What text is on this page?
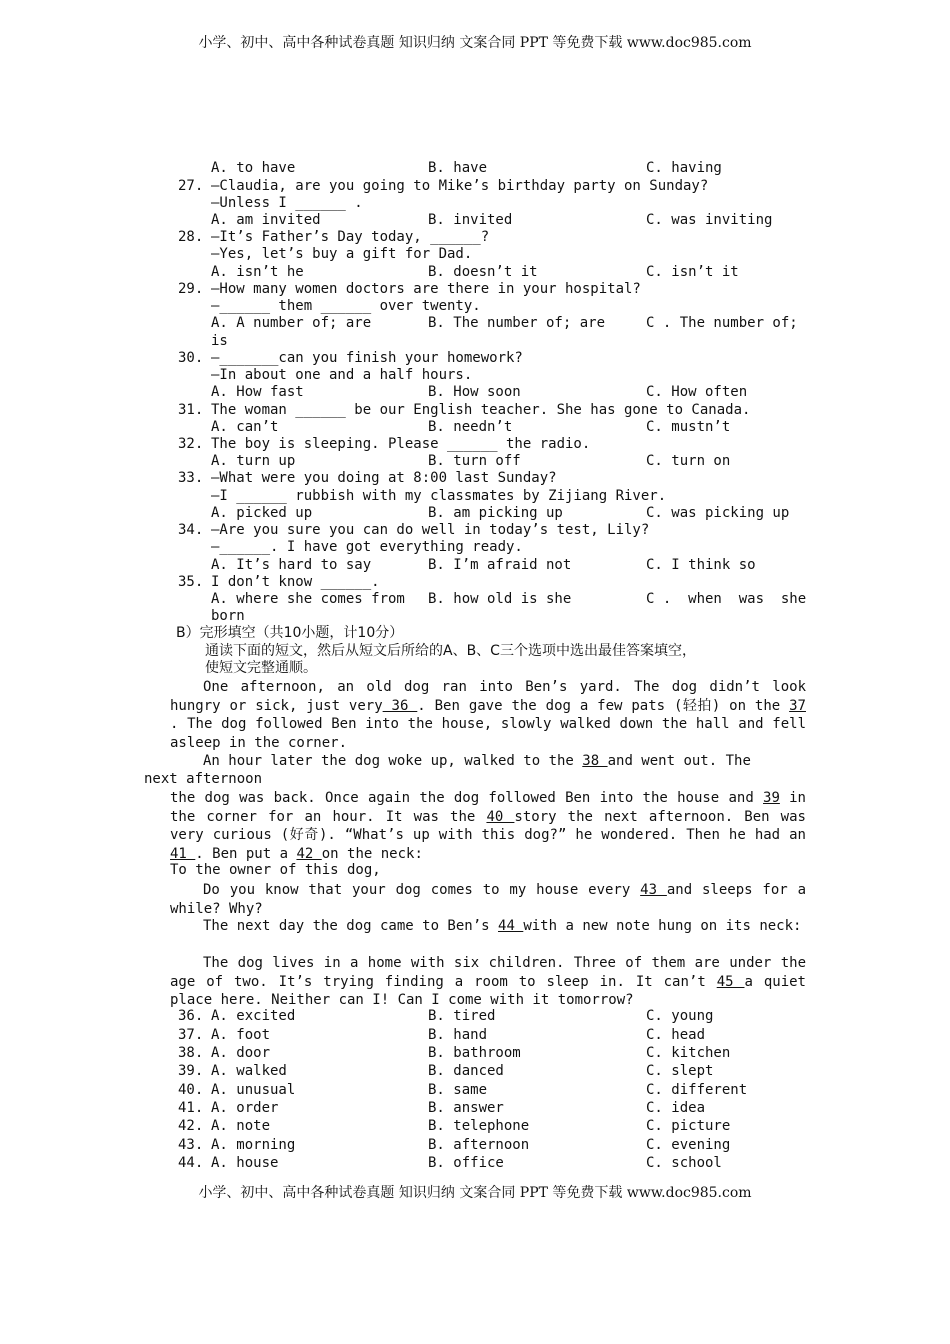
小学、初中、高中各种试卷真题 知识归纳 文案合同 PPT 等免费下载 www.doc985.com
A. to have	B. have	C. having
27. —Claudia, are you going to Mike’s birthday party on Sunday?
—Unless I ______ .
A. am invited	B. invited	C. was inviting
28. —It’s Father’s Day today, ______?
—Yes, let’s buy a gift for Dad.
A. isn’t he	B. doesn’t it	C. isn’t it
29. —How many women doctors are there in your hospital?
—______ them ______ over twenty.
A. A number of; are	B. The number of; are	C . The number of;
is
30. —_______can you finish your homework?
—In about one and a half hours.
A. How fast	B. How soon	C. How often
31. The woman ______ be our English teacher. She has gone to Canada.
A. can’t	B. needn’t	C. mustn’t
32. The boy is sleeping. Please ______ the radio.
A. turn up	B. turn off	C. turn on
33. —What were you doing at 8:00 last Sunday?
—I ______ rubbish with my classmates by Zijiang River.
A. picked up	B. am picking up	C. was picking up
34. —Are you sure you can do well in today’s test, Lily?
—______. I have got everything ready.
A. It’s hard to say	B. I’m afraid not	C. I think so
35. I don’t know ______.
A. where she comes from B. how old is she	C .  when  was  she
born
B）完形填空（共10小题，计10分）
通读下面的短文，然后从短文后所给的A、B、C三个选项中选出最佳答案填空，
使短文完整通顺。
One afternoon, an old dog ran into Ben’s yard. The dog didn’t look hungry or sick, just very 36 . Ben gave the dog a few pats (轻拍) on the 37 . The dog followed Ben into the house, slowly walked down the hall and fell asleep in the corner.
An hour later the dog woke up, walked to the 38 and went out. The
next afternoon
the dog was back. Once again the dog followed Ben into the house and 39 in the corner for an hour. It was the 40 story the next afternoon. Ben was very curious (好奇). “What’s up with this dog?” he wondered. Then he had an 41 . Ben put a 42 on the neck:
To the owner of this dog,
Do you know that your dog comes to my house every 43 and sleeps for a while? Why?
The next day the dog came to Ben’s 44 with a new note hung on its neck:
The dog lives in a home with six children. Three of them are under the age of two. It’s trying finding a room to sleep in. It can’t 45 a quiet place here. Neither can I! Can I come with it tomorrow?
36. A. excited	B. tired	C. young
37. A. foot	B. hand	C. head
38. A. door	B. bathroom	C. kitchen
39. A. walked	B. danced	C. slept
40. A. unusual	B. same	C. different
41. A. order	B. answer	C. idea
42. A. note	B. telephone	C. picture
43. A. morning	B. afternoon	C. evening
44. A. house	B. office	C. school
小学、初中、高中各种试卷真题 知识归纳 文案合同 PPT 等免费下载 www.doc985.com
